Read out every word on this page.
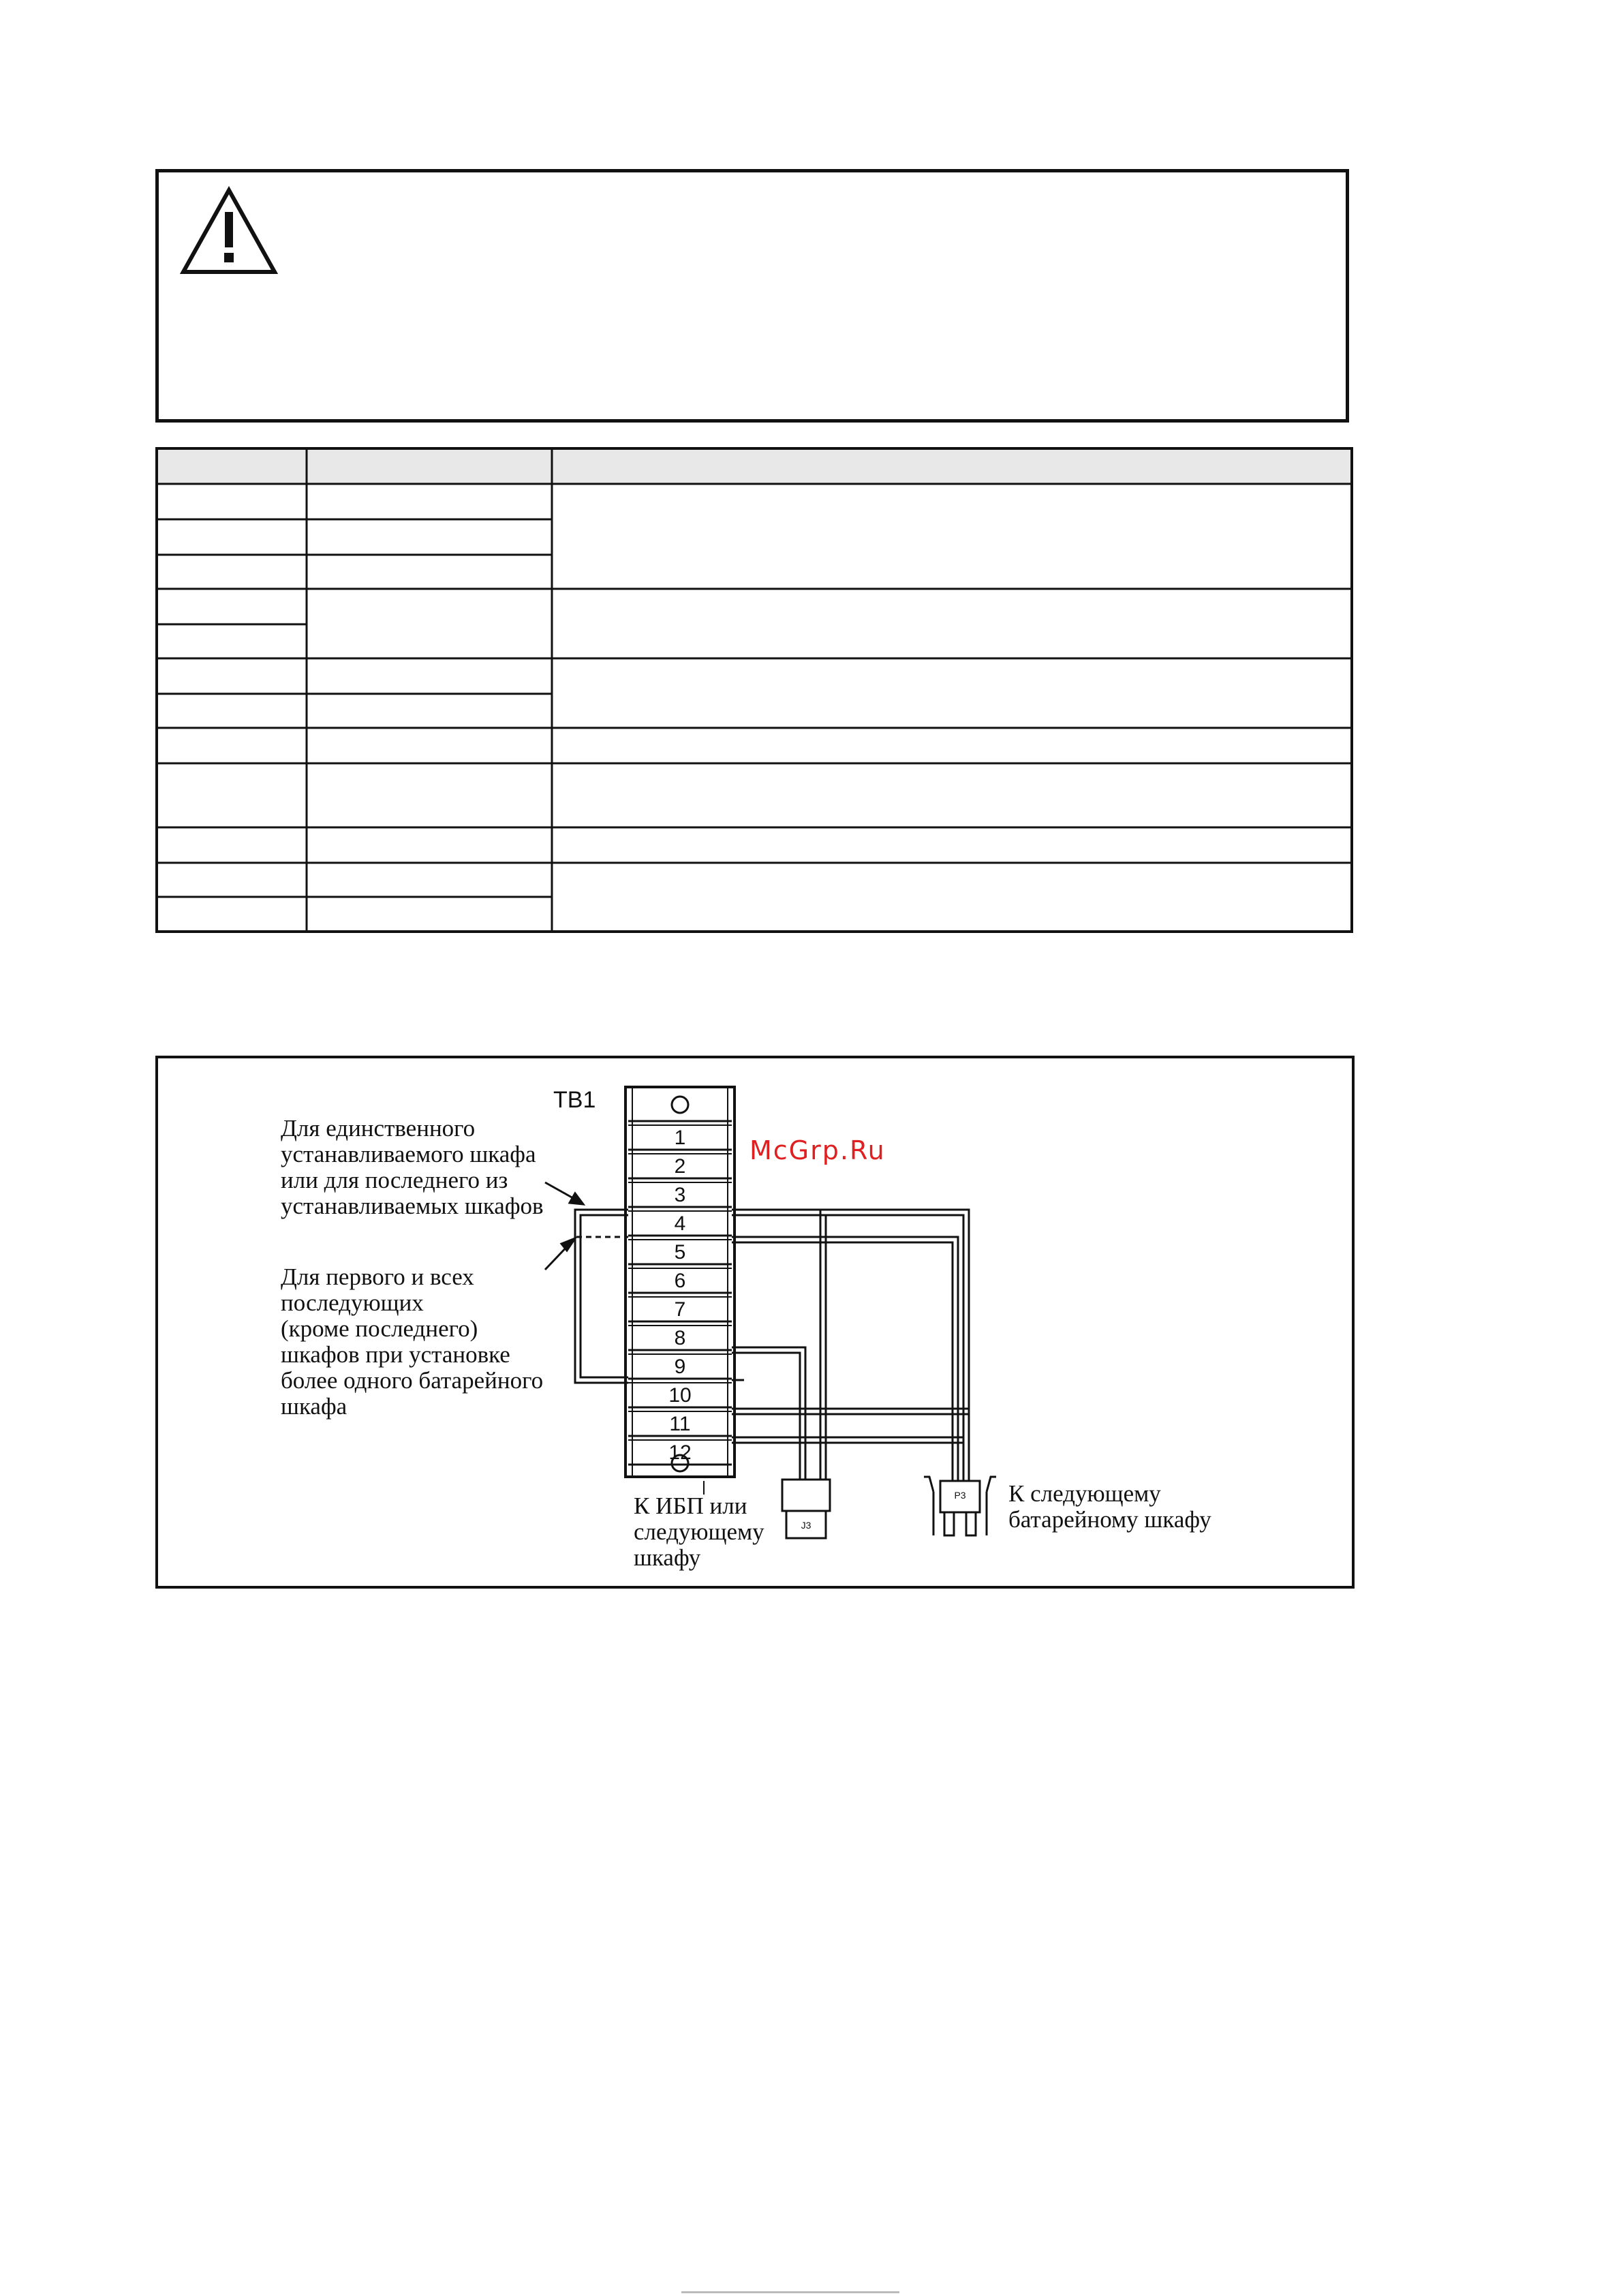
TB1
1
2
3
4
5
6
7
8
9
10
11
12
McGrp.Ru
Для единственного
устанавливаемого шкафа
или для последнего из
устанавливаемых шкафов
Для первого и всех
последующих
(кроме последнего)
шкафов при установке
более одного батарейного
шкафа
J3
P3
К ИБП или
следующему
шкафу
К следующему
батарейному шкафу
